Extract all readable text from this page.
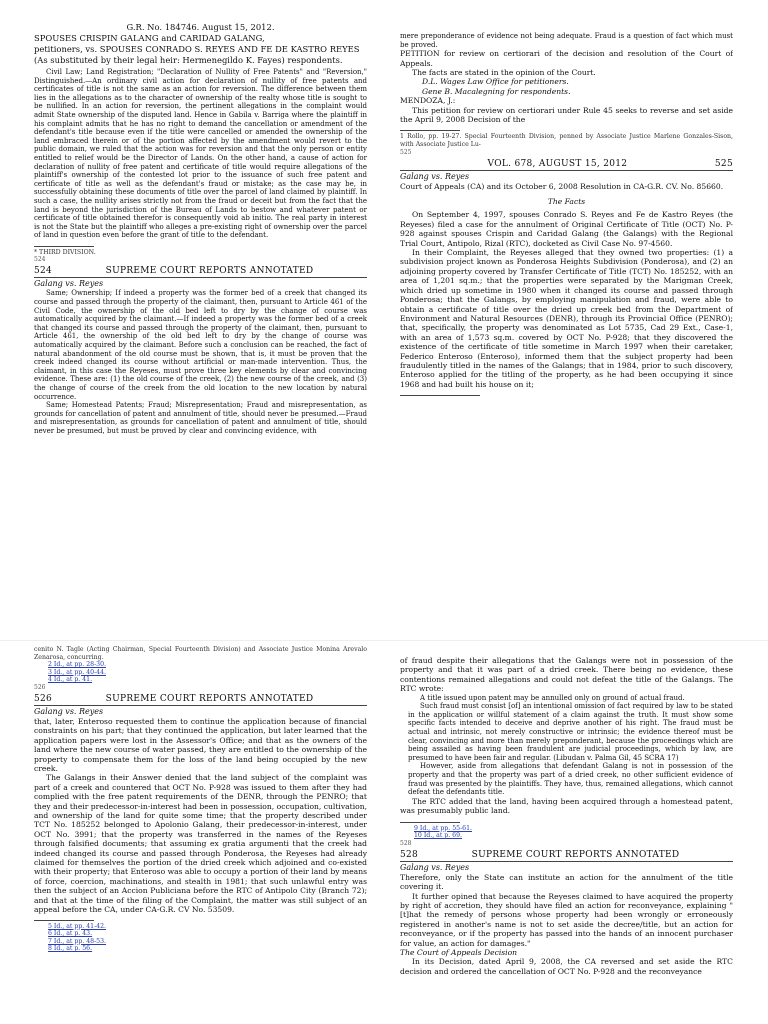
G.R. No. 184746. August 15, 2012.

SPOUSES CRISPIN GALANG and CARIDAD GALANG,

petitioners, vs. SPOUSES CONRADO S. REYES AND FE DE KASTRO REYES

(As substituted by their legal heir: Hermenegildo K. Fayes) respondents.

Civil Law; Land Registration; "Declaration of Nullity of Free Patents" and "Reversion," Distinguished.—An ordinary civil action for declaration of nullity of free patents and certificates of title is not the same as an action for reversion. The difference between them lies in the allegations as to the character of ownership of the realty whose title is sought to be nullified. In an action for reversion, the pertinent allegations in the complaint would admit State ownership of the disputed land. Hence in Gabila v. Barriga where the plaintiff in his complaint admits that he has no right to demand the cancellation or amendment of the defendant's title because even if the title were cancelled or amended the ownership of the land embraced therein or of the portion affected by the amendment would revert to the public domain, we ruled that the action was for reversion and that the only person or entity entitled to relief would be the Director of Lands. On the other hand, a cause of action for declaration of nullity of free patent and certificate of title would require allegations of the plaintiff's ownership of the contested lot prior to the issuance of such free patent and certificate of title as well as the defendant's fraud or mistake; as the case may be, in successfully obtaining these documents of title over the parcel of land claimed by plaintiff. In such a case, the nullity arises strictly not from the fraud or deceit but from the fact that the land is beyond the jurisdiction of the Bureau of Lands to bestow and whatever patent or certificate of title obtained therefor is consequently void ab initio. The real party in interest is not the State but the plaintiff who alleges a pre-existing right of ownership over the parcel of land in question even before the grant of title to the defendant.

* THIRD DIVISION.

524

524	SUPREME COURT REPORTS ANNOTATED

Galang vs. Reyes

Same; Ownership; If indeed a property was the former bed of a creek that changed its course and passed through the property of the claimant, then, pursuant to Article 461 of the Civil Code, the ownership of the old bed left to dry by the change of course was automatically acquired by the claimant.—If indeed a property was the former bed of a creek that changed its course and passed through the property of the claimant, then, pursuant to Article 461, the ownership of the old bed left to dry by the change of course was automatically acquired by the claimant. Before such a conclusion can be reached, the fact of natural abandonment of the old course must be shown, that is, it must be proven that the creek indeed changed its course without artificial or man-made intervention. Thus, the claimant, in this case the Reyeses, must prove three key elements by clear and convincing evidence. These are: (1) the old course of the creek, (2) the new course of the creek, and (3) the change of course of the creek from the old location to the new location by natural occurrence.

Same; Homestead Patents; Fraud; Misrepresentation; Fraud and misrepresentation, as grounds for cancellation of patent and annulment of title, should never be presumed.—Fraud and misrepresentation, as grounds for cancellation of patent and annulment of title, should never be presumed, but must be proved by clear and convincing evidence, with

mere preponderance of evidence not being adequate. Fraud is a question of fact which must be proved.

PETITION for review on certiorari of the decision and resolution of the Court of Appeals.

The facts are stated in the opinion of the Court.

D.L. Wages Law Office for petitioners.

Gene B. Macalegning for respondents.

MENDOZA, J.:

This petition for review on certiorari under Rule 45 seeks to reverse and set aside the April 9, 2008 Decision of the

1 Rollo, pp. 19-27. Special Fourteenth Division, penned by Associate Justice Marlene Gonzales-Sison, with Associate Justice Lu-

525

VOL. 678, AUGUST 15, 2012	525

Galang vs. Reyes

Court of Appeals (CA) and its October 6, 2008 Resolution in CA-G.R. CV. No. 85660.

The Facts

On September 4, 1997, spouses Conrado S. Reyes and Fe de Kastro Reyes (the Reyeses) filed a case for the annulment of Original Certificate of Title (OCT) No. P-928 against spouses Crispin and Caridad Galang (the Galangs) with the Regional Trial Court, Antipolo, Rizal (RTC), docketed as Civil Case No. 97-4560.

In their Complaint, the Reyeses alleged that they owned two properties: (1) a subdivision project known as Ponderosa Heights Subdivision (Ponderosa), and (2) an adjoining property covered by Transfer Certificate of Title (TCT) No. 185252, with an area of 1,201 sq.m.; that the properties were separated by the Marigman Creek, which dried up sometime in 1980 when it changed its course and passed through Ponderosa; that the Galangs, by employing manipulation and fraud, were able to obtain a certificate of title over the dried up creek bed from the Department of Environment and Natural Resources (DENR), through its Provincial Office (PENRO); that, specifically, the property was denominated as Lot 5735, Cad 29 Ext., Case-1, with an area of 1,573 sq.m. covered by OCT No. P-928; that they discovered the existence of the certificate of title sometime in March 1997 when their caretaker, Federico Enteroso (Enteroso), informed them that the subject property had been fraudulently titled in the names of the Galangs; that in 1984, prior to such discovery, Enteroso applied for the titling of the property, as he had been occupying it since 1968 and had built his house on it;

cenito N. Tagle (Acting Chairman, Special Fourteenth Division) and Associate Justice Monina Arevalo Zenarosa, concurring.

2 Id., at pp. 28-30.

3 Id., at pp. 40-44.

4 Id., at p. 41.

526

526	SUPREME COURT REPORTS ANNOTATED

Galang vs. Reyes

that, later, Enteroso requested them to continue the application because of financial constraints on his part; that they continued the application, but later learned that the application papers were lost in the Assessor's Office; and that as the owners of the land where the new course of water passed, they are entitled to the ownership of the property to compensate them for the loss of the land being occupied by the new creek.

The Galangs in their Answer denied that the land subject of the complaint was part of a creek and countered that OCT No. P-928 was issued to them after they had complied with the free patent requirements of the DENR, through the PENRO; that they and their predecessor-in-interest had been in possession, occupation, cultivation, and ownership of the land for quite some time; that the property described under TCT No. 185252 belonged to Apolonio Galang, their predecessor-in-interest, under OCT No. 3991; that the property was transferred in the names of the Reyeses through falsified documents; that assuming ex gratia argumenti that the creek had indeed changed its course and passed through Ponderosa, the Reyeses had already claimed for themselves the portion of the dried creek which adjoined and co-existed with their property; that Enteroso was able to occupy a portion of their land by means of force, coercion, machinations, and stealth in 1981; that such unlawful entry was then the subject of an Accion Publiciana before the RTC of Antipolo City (Branch 72); and that at the time of the filing of the Complaint, the matter was still subject of an appeal before the CA, under CA-G.R. CV No. 53509.

5 Id., at pp. 41-42.

6 Id., at p. 43.

7 Id., at pp. 48-53.

8 Id., at p. 56.

of fraud despite their allegations that the Galangs were not in possession of the property and that it was part of a dried creek. There being no evidence, these contentions remained allegations and could not defeat the title of the Galangs. The RTC wrote:

A title issued upon patent may be annulled only on ground of actual fraud.

Such fraud must consist [of] an intentional omission of fact required by law to be stated in the application or willful statement of a claim against the truth. It must show some specific facts intended to deceive and deprive another of his right. The fraud must be actual and intrinsic, not merely constructive or intrinsic; the evidence thereof must be clear, convincing and more than merely preponderant, because the proceedings which are being assailed as having been fraudulent are judicial proceedings, which by law, are presumed to have been fair and regular. (Libudan v. Palma Gil, 45 SCRA 17)

However, aside from allegations that defendant Galang is not in possession of the property and that the property was part of a dried creek, no other sufficient evidence of fraud was presented by the plaintiffs. They have, thus, remained allegations, which cannot defeat the defendants title.

The RTC added that the land, having been acquired through a homestead patent, was presumably public land.

9 Id., at pp. 55-61.

10 Id., at p. 69.

528

528	SUPREME COURT REPORTS ANNOTATED

Galang vs. Reyes

Therefore, only the State can institute an action for the annulment of the title covering it.

It further opined that because the Reyeses claimed to have acquired the property by right of accretion, they should have filed an action for reconveyance, explaining "[t]hat the remedy of persons whose property had been wrongly or erroneously registered in another's name is not to set aside the decree/title, but an action for reconveyance, or if the property has passed into the hands of an innocent purchaser for value, an action for damages."

The Court of Appeals Decision

In its Decision, dated April 9, 2008, the CA reversed and set aside the RTC decision and ordered the cancellation of OCT No. P-928 and the reconveyance
